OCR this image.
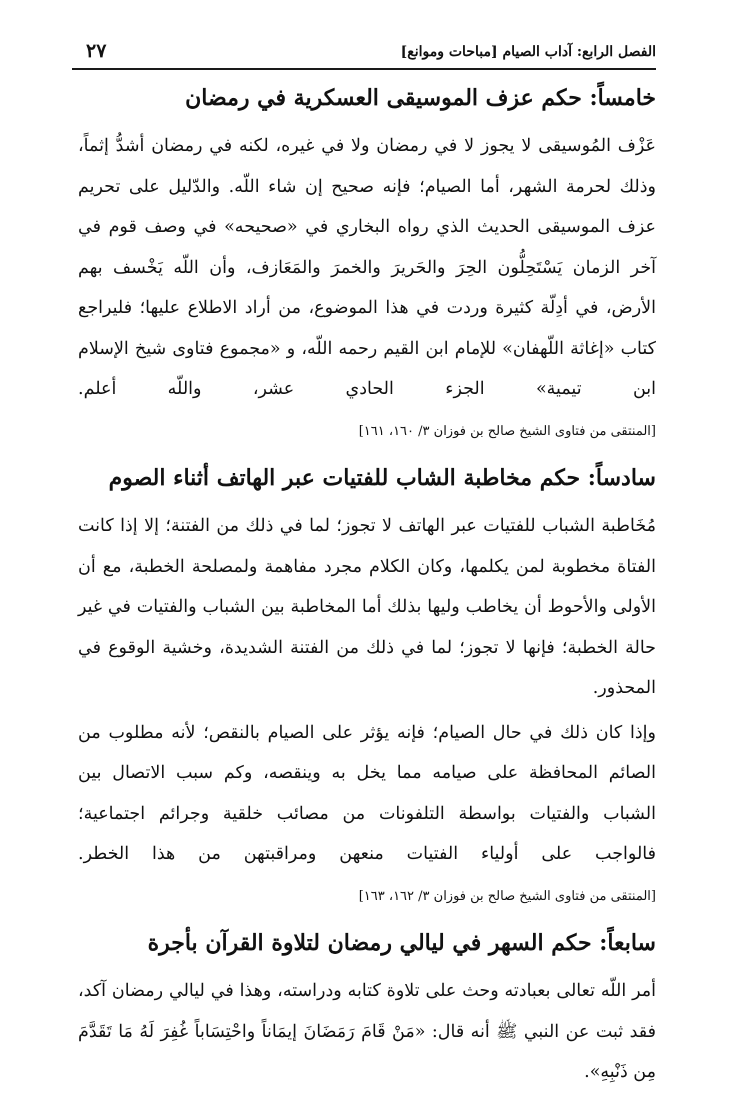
الفصل الرابع: آداب الصيام [مباحات وموانع]
٢٧
خامساً: حكم عزف الموسيقى العسكرية في رمضان

عَزْف المُوسيقى لا يجوز لا في رمضان ولا في غيره، لكنه في رمضان أشدُّ إثماً، وذلك لحرمة الشهر، أما الصيام؛ فإنه صحيح إن شاء اللّه. والدّليل على تحريم عزف الموسيقى الحديث الذي رواه البخاري في «صحيحه» في وصف قوم في آخر الزمان يَسْتَحِلُّون الحِرَ والحَريرَ والخمرَ والمَعَازف، وأن اللّه يَخْسف بهم الأرض، في أدِلّة كثيرة وردت في هذا الموضوع، من أراد الاطلاع عليها؛ فليراجع كتاب «إغاثة اللّهفان» للإمام ابن القيم رحمه اللّه، و «مجموع فتاوى شيخ الإسلام ابن تيمية» الجزء الحادي عشر، واللّه أعلم. [المنتقى من فتاوى الشيخ صالح بن فوزان ٣/ ١٦٠، ١٦١]

سادساً: حكم مخاطبة الشاب للفتيات عبر الهاتف أثناء الصوم

مُخَاطبة الشباب للفتيات عبر الهاتف لا تجوز؛ لما في ذلك من الفتنة؛ إلا إذا كانت الفتاة مخطوبة لمن يكلمها، وكان الكلام مجرد مفاهمة ولمصلحة الخطبة، مع أن الأولى والأحوط أن يخاطب وليها بذلك أما المخاطبة بين الشباب والفتيات في غير حالة الخطبة؛ فإنها لا تجوز؛ لما في ذلك من الفتنة الشديدة، وخشية الوقوع في المحذور.

وإذا كان ذلك في حال الصيام؛ فإنه يؤثر على الصيام بالنقص؛ لأنه مطلوب من الصائم المحافظة على صيامه مما يخل به وينقصه، وكم سبب الاتصال بين الشباب والفتيات بواسطة التلفونات من مصائب خلقية وجرائم اجتماعية؛ فالواجب على أولياء الفتيات منعهن ومراقبتهن من هذا الخطر. [المنتقى من فتاوى الشيخ صالح بن فوزان ٣/ ١٦٢، ١٦٣]

سابعاً: حكم السهر في ليالي رمضان لتلاوة القرآن بأجرة

أمر اللّه تعالى بعبادته وحث على تلاوة كتابه ودراسته، وهذا في ليالي رمضان آكد، فقد ثبت عن النبي ﷺ أنه قال: «مَنْ قَامَ رَمَضَانَ إيمَاناً واحْتِسَاباً غُفِرَ لَهُ مَا تَقَدَّمَ مِن ذَنْبِهِ».
